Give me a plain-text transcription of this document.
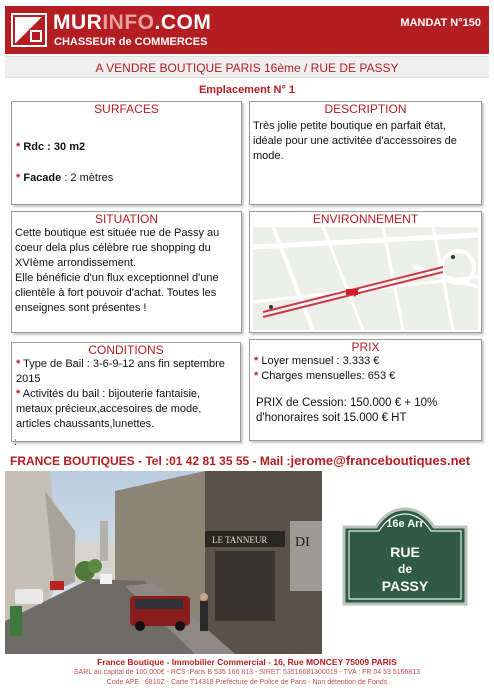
MURINFO.COM
CHASSEUR de COMMERCES
MANDAT N°150
A VENDRE BOUTIQUE PARIS 16ème / RUE DE PASSY
Emplacement N° 1
SURFACES
* Rdc : 30 m2
* Facade : 2 mètres
DESCRIPTION
Très jolie petite boutique en parfait état, idéale pour une activitée d'accessoires de mode.
SITUATION
Cette boutique est située rue de Passy au coeur dela plus célèbre rue shopping du XVIème arrondissement.
Elle bénéficie d'un flux exceptionnel d'une clientèle à fort pouvoir d'achat. Toutes les enseignes sont présentes !
ENVIRONNEMENT
CONDITIONS
* Type de Bail : 3-6-9-12 ans fin septembre 2015
* Activités du bail : bijouterie fantaisie, metaux précieux,accesoires de mode, articles chaussants,lunettes.
PRIX
* Loyer mensuel : 3.333 €
* Charges mensuelles: 653 €
PRIX de Cession: 150.000 € + 10%
d'honoraires soit 15.000 € HT
:
FRANCE BOUTIQUES - Tel :01 42 81 35 55 - Mail :jerome@franceboutiques.net
LE TANNEUR DI
16e Arr
RUE
de
PASSY
France Boutique - Immobilier Commercial - 16, Rue MONCEY 75009 PARIS
SARL au capital de 100.000€ - RCS :Paris B 535 166 813 - SIRET: 53516681300019 - TVA : FR 04 53 5166813
Code APE : 6810Z - Carte T14318 Prefecture de Police de Paris - Non détention de Fonds
